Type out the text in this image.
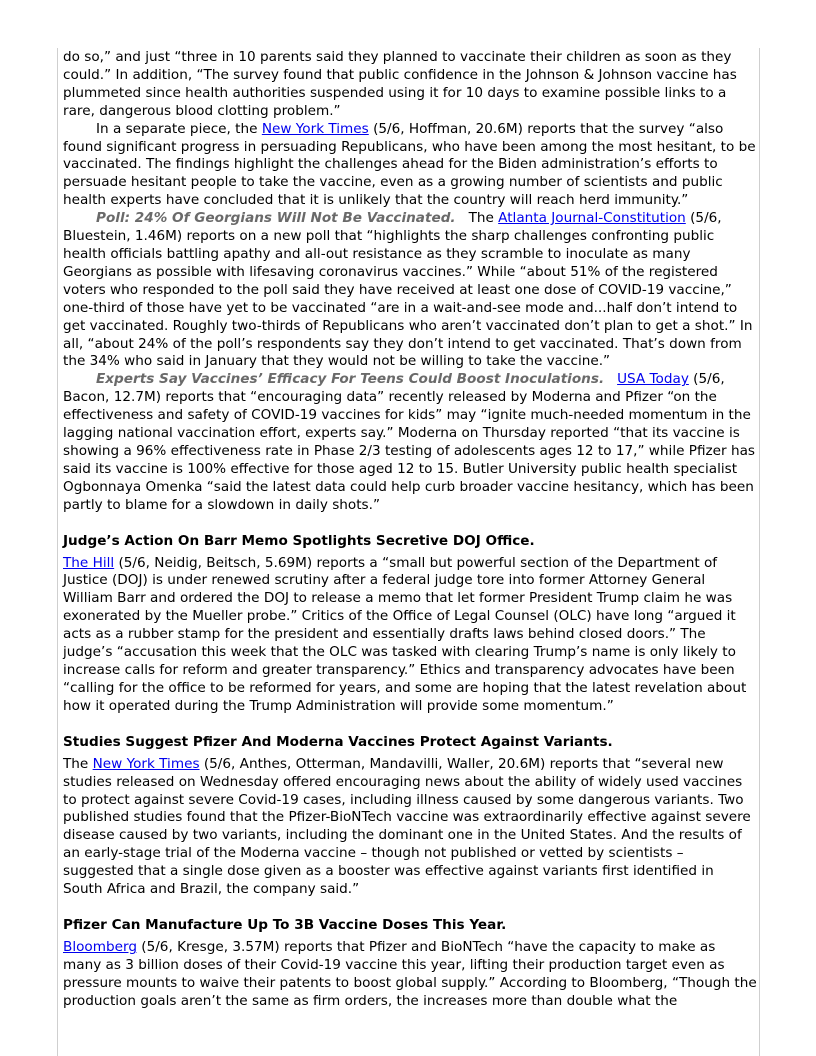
do so,” and just “three in 10 parents said they planned to vaccinate their children as soon as they could.” In addition, “The survey found that public confidence in the Johnson & Johnson vaccine has plummeted since health authorities suspended using it for 10 days to examine possible links to a rare, dangerous blood clotting problem.”

In a separate piece, the New York Times (5/6, Hoffman, 20.6M) reports that the survey “also found significant progress in persuading Republicans, who have been among the most hesitant, to be vaccinated. The findings highlight the challenges ahead for the Biden administration’s efforts to persuade hesitant people to take the vaccine, even as a growing number of scientists and public health experts have concluded that it is unlikely that the country will reach herd immunity.”

Poll: 24% Of Georgians Will Not Be Vaccinated. The Atlanta Journal-Constitution (5/6, Bluestein, 1.46M) reports on a new poll that “highlights the sharp challenges confronting public health officials battling apathy and all-out resistance as they scramble to inoculate as many Georgians as possible with lifesaving coronavirus vaccines.” While “about 51% of the registered voters who responded to the poll said they have received at least one dose of COVID-19 vaccine,” one-third of those have yet to be vaccinated “are in a wait-and-see mode and...half don’t intend to get vaccinated. Roughly two-thirds of Republicans who aren’t vaccinated don’t plan to get a shot.” In all, “about 24% of the poll’s respondents say they don’t intend to get vaccinated. That’s down from the 34% who said in January that they would not be willing to take the vaccine.”

Experts Say Vaccines’ Efficacy For Teens Could Boost Inoculations. USA Today (5/6, Bacon, 12.7M) reports that “encouraging data” recently released by Moderna and Pfizer “on the effectiveness and safety of COVID-19 vaccines for kids” may “ignite much-needed momentum in the lagging national vaccination effort, experts say.” Moderna on Thursday reported “that its vaccine is showing a 96% effectiveness rate in Phase 2/3 testing of adolescents ages 12 to 17,” while Pfizer has said its vaccine is 100% effective for those aged 12 to 15. Butler University public health specialist Ogbonnaya Omenka “said the latest data could help curb broader vaccine hesitancy, which has been partly to blame for a slowdown in daily shots.”

Judge’s Action On Barr Memo Spotlights Secretive DOJ Office.

The Hill (5/6, Neidig, Beitsch, 5.69M) reports a “small but powerful section of the Department of Justice (DOJ) is under renewed scrutiny after a federal judge tore into former Attorney General William Barr and ordered the DOJ to release a memo that let former President Trump claim he was exonerated by the Mueller probe.” Critics of the Office of Legal Counsel (OLC) have long “argued it acts as a rubber stamp for the president and essentially drafts laws behind closed doors.” The judge’s “accusation this week that the OLC was tasked with clearing Trump’s name is only likely to increase calls for reform and greater transparency.” Ethics and transparency advocates have been “calling for the office to be reformed for years, and some are hoping that the latest revelation about how it operated during the Trump Administration will provide some momentum.”

Studies Suggest Pfizer And Moderna Vaccines Protect Against Variants.

The New York Times (5/6, Anthes, Otterman, Mandavilli, Waller, 20.6M) reports that “several new studies released on Wednesday offered encouraging news about the ability of widely used vaccines to protect against severe Covid-19 cases, including illness caused by some dangerous variants. Two published studies found that the Pfizer-BioNTech vaccine was extraordinarily effective against severe disease caused by two variants, including the dominant one in the United States. And the results of an early-stage trial of the Moderna vaccine – though not published or vetted by scientists – suggested that a single dose given as a booster was effective against variants first identified in South Africa and Brazil, the company said.”

Pfizer Can Manufacture Up To 3B Vaccine Doses This Year.

Bloomberg (5/6, Kresge, 3.57M) reports that Pfizer and BioNTech “have the capacity to make as many as 3 billion doses of their Covid-19 vaccine this year, lifting their production target even as pressure mounts to waive their patents to boost global supply.” According to Bloomberg, “Though the production goals aren’t the same as firm orders, the increases more than double what the
